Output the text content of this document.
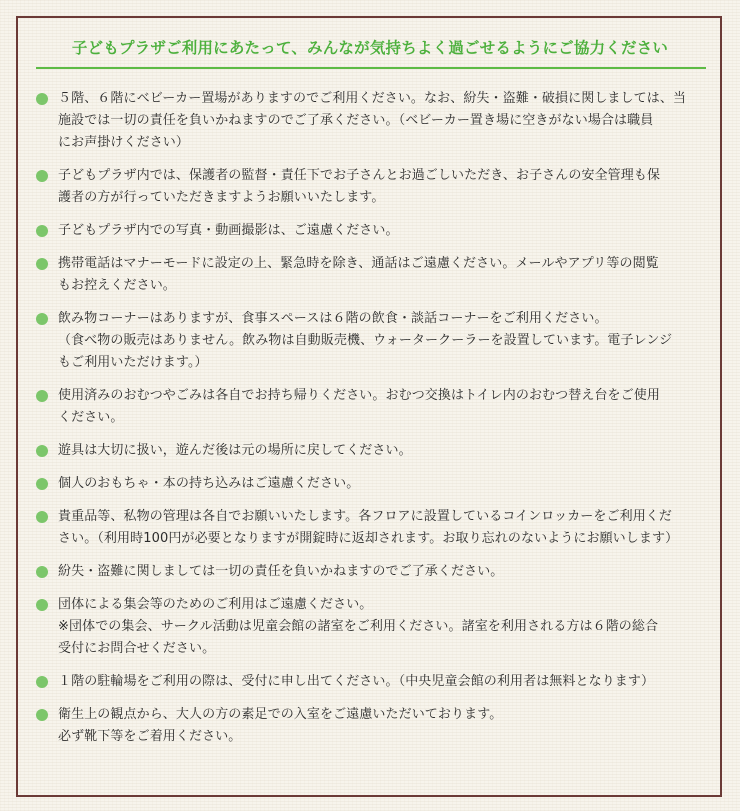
子どもプラザご利用にあたって、みんなが気持ちよく過ごせるようにご協力ください
５階、６階にベビーカー置場がありますのでご利用ください。なお、紛失・盗難・破損に関しましては、当
施設では一切の責任を負いかねますのでご了承ください。（ベビーカー置き場に空きがない場合は職員
にお声掛けください）
子どもプラザ内では、保護者の監督・責任下でお子さんとお過ごしいただき、お子さんの安全管理も保
護者の方が行っていただきますようお願いいたします。
子どもプラザ内での写真・動画撮影は、ご遠慮ください。
携帯電話はマナーモードに設定の上、緊急時を除き、通話はご遠慮ください。メールやアプリ等の閲覧
もお控えください。
飲み物コーナーはありますが、食事スペースは６階の飲食・談話コーナーをご利用ください。
（食べ物の販売はありません。飲み物は自動販売機、ウォータークーラーを設置しています。電子レンジ
もご利用いただけます。）
使用済みのおむつやごみは各自でお持ち帰りください。おむつ交換はトイレ内のおむつ替え台をご使用
ください。
遊具は大切に扱い，遊んだ後は元の場所に戻してください。
個人のおもちゃ・本の持ち込みはご遠慮ください。
貴重品等、私物の管理は各自でお願いいたします。各フロアに設置しているコインロッカーをご利用くだ
さい。（利用時100円が必要となりますが開錠時に返却されます。お取り忘れのないようにお願いします）
紛失・盗難に関しましては一切の責任を負いかねますのでご了承ください。
団体による集会等のためのご利用はご遠慮ください。
※団体での集会、サークル活動は児童会館の諸室をご利用ください。諸室を利用される方は６階の総合
受付にお問合せください。
１階の駐輪場をご利用の際は、受付に申し出てください。（中央児童会館の利用者は無料となります）
衛生上の観点から、大人の方の素足での入室をご遠慮いただいております。
必ず靴下等をご着用ください。
